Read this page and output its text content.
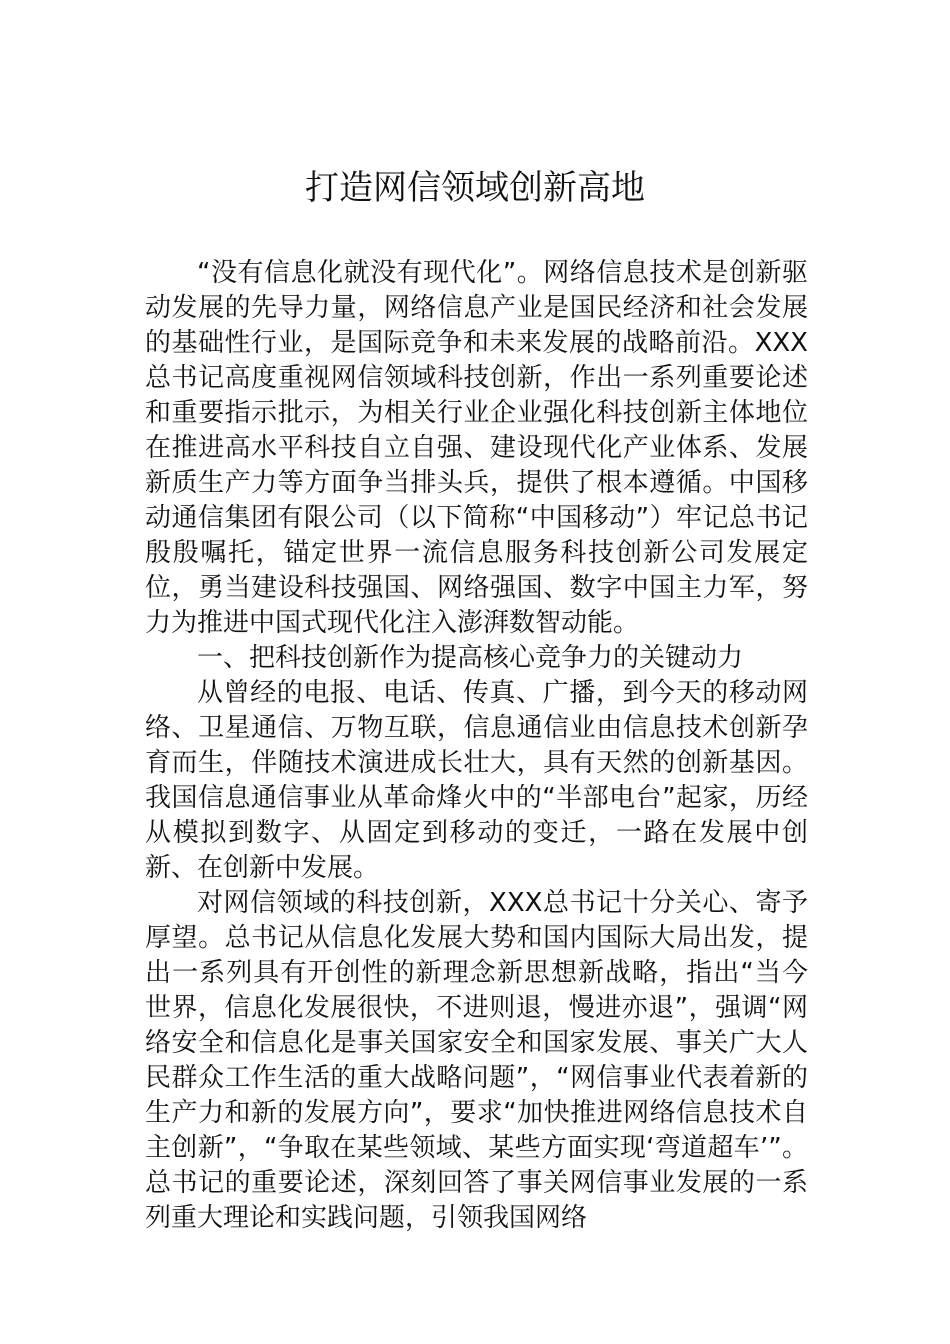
打造网信领域创新高地

“没有信息化就没有现代化”。网络信息技术是创新驱动发展的先导力量，网络信息产业是国民经济和社会发展的基础性行业，是国际竞争和未来发展的战略前沿。XXX总书记高度重视网信领域科技创新，作出一系列重要论述和重要指示批示，为相关行业企业强化科技创新主体地位在推进高水平科技自立自强、建设现代化产业体系、发展新质生产力等方面争当排头兵，提供了根本遵循。中国移动通信集团有限公司（以下简称“中国移动”）牢记总书记殷殷嘱托，锚定世界一流信息服务科技创新公司发展定位，勇当建设科技强国、网络强国、数字中国主力军，努力为推进中国式现代化注入澎湃数智动能。

一、把科技创新作为提高核心竞争力的关键动力

从曾经的电报、电话、传真、广播，到今天的移动网络、卫星通信、万物互联，信息通信业由信息技术创新孕育而生，伴随技术演进成长壮大，具有天然的创新基因。我国信息通信事业从革命烽火中的“半部电台”起家，历经从模拟到数字、从固定到移动的变迁，一路在发展中创新、在创新中发展。

对网信领域的科技创新，XXX总书记十分关心、寄予厚望。总书记从信息化发展大势和国内国际大局出发，提出一系列具有开创性的新理念新思想新战略，指出“当今世界，信息化发展很快，不进则退，慢进亦退”，强调“网络安全和信息化是事关国家安全和国家发展、事关广大人民群众工作生活的重大战略问题”，“网信事业代表着新的生产力和新的发展方向”，要求“加快推进网络信息技术自主创新”，“争取在某些领域、某些方面实现‘弯道超车’”。总书记的重要论述，深刻回答了事关网信事业发展的一系列重大理论和实践问题，引领我国网络
